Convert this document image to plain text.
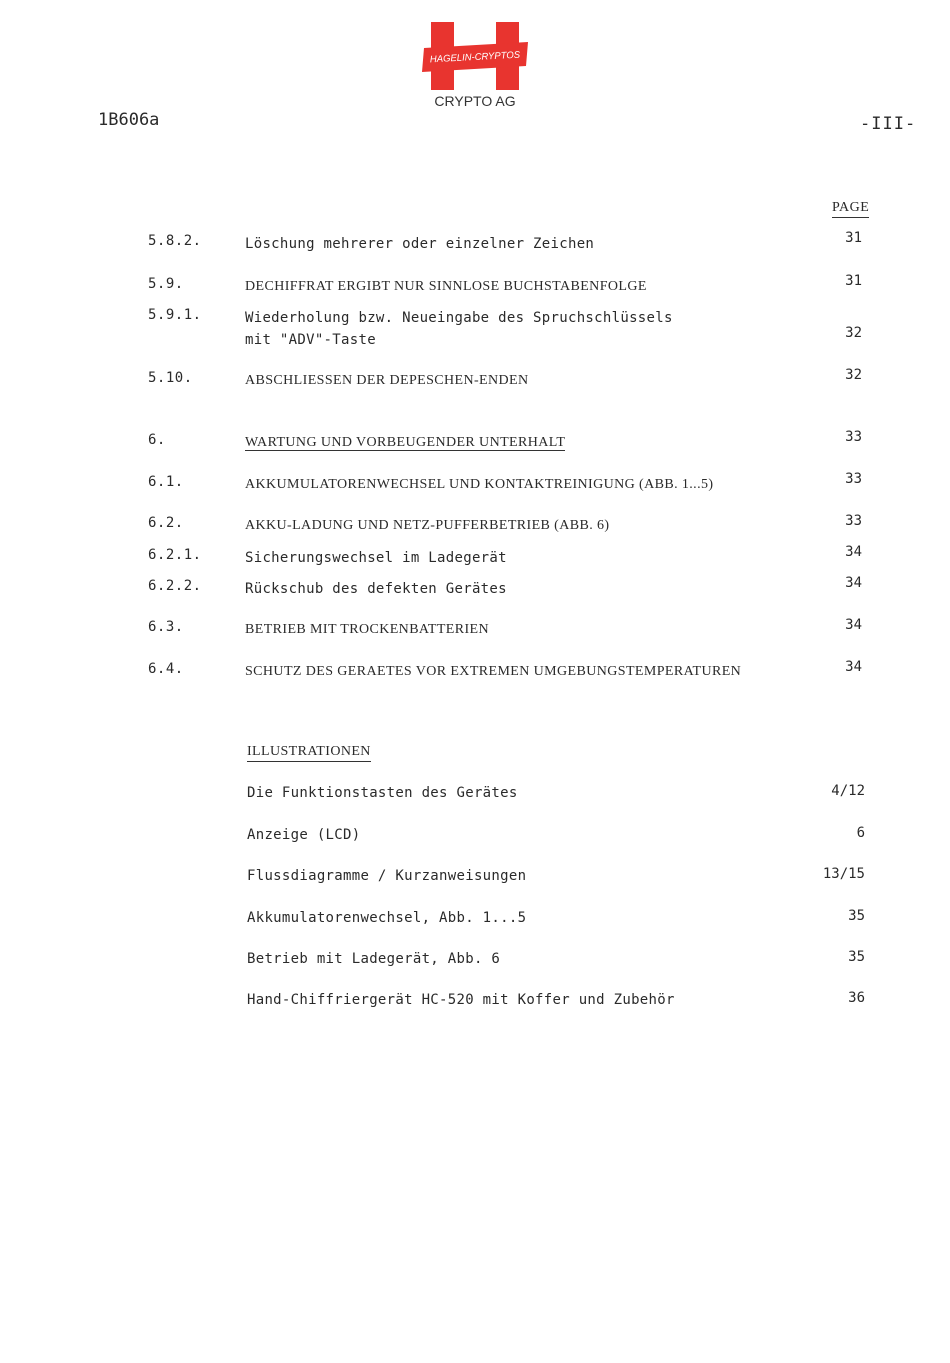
HAGELIN-CRYPTOS
CRYPTO AG
1B606a	-III-
PAGE
5.8.2.	Löschung mehrerer oder einzelner Zeichen	31
5.9.	DECHIFFRAT ERGIBT NUR SINNLOSE BUCHSTABENFOLGE	31
5.9.1.	Wiederholung bzw. Neueingabe des Spruchschlüssels
mit "ADV"-Taste	32
5.10.	ABSCHLIESSEN DER DEPESCHEN-ENDEN	32
6.	WARTUNG UND VORBEUGENDER UNTERHALT	33
6.1.	AKKUMULATORENWECHSEL UND KONTAKTREINIGUNG (ABB. 1...5)	33
6.2.	AKKU-LADUNG UND NETZ-PUFFERBETRIEB (ABB. 6)	33
6.2.1.	Sicherungswechsel im Ladegerät	34
6.2.2.	Rückschub des defekten Gerätes	34
6.3.	BETRIEB MIT TROCKENBATTERIEN	34
6.4.	SCHUTZ DES GERAETES VOR EXTREMEN UMGEBUNGSTEMPERATUREN	34
ILLUSTRATIONEN
Die Funktionstasten des Gerätes	4/12
Anzeige (LCD)	6
Flussdiagramme / Kurzanweisungen	13/15
Akkumulatorenwechsel, Abb. 1...5	35
Betrieb mit Ladegerät, Abb. 6	35
Hand-Chiffriergerät HC-520 mit Koffer und Zubehör	36
